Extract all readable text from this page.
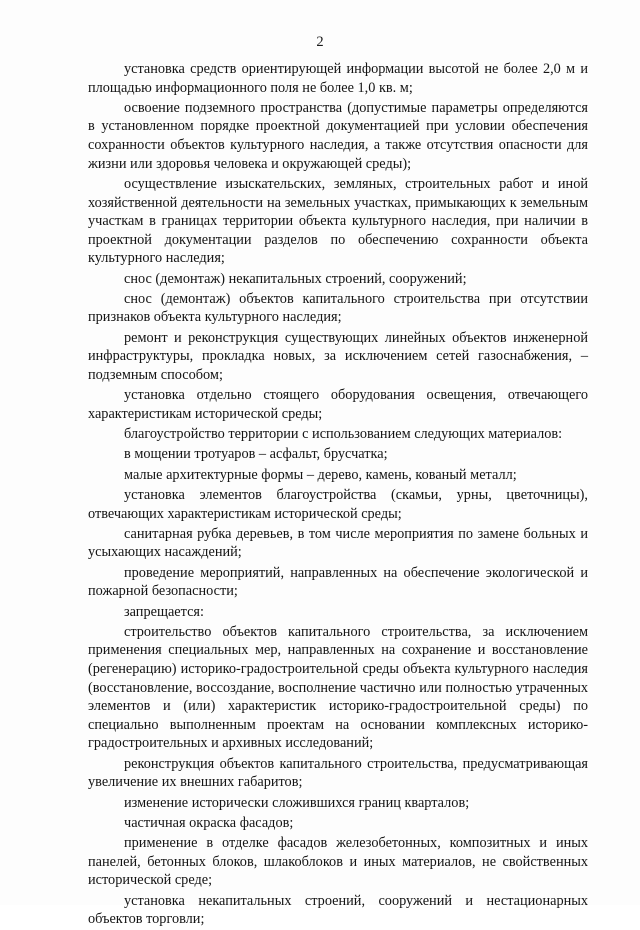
2

установка средств ориентирующей информации высотой не более 2,0 м и площадью информационного поля не более 1,0 кв. м;

освоение подземного пространства (допустимые параметры определяются в установленном порядке проектной документацией при условии обеспечения сохранности объектов культурного наследия, а также отсутствия опасности для жизни или здоровья человека и окружающей среды);

осуществление изыскательских, земляных, строительных работ и иной хозяйственной деятельности на земельных участках, примыкающих к земельным участкам в границах территории объекта культурного наследия, при наличии в проектной документации разделов по обеспечению сохранности объекта культурного наследия;

снос (демонтаж) некапитальных строений, сооружений;

снос (демонтаж) объектов капитального строительства при отсутствии признаков объекта культурного наследия;

ремонт и реконструкция существующих линейных объектов инженерной инфраструктуры, прокладка новых, за исключением сетей газоснабжения, – подземным способом;

установка отдельно стоящего оборудования освещения, отвечающего характеристикам исторической среды;

благоустройство территории с использованием следующих материалов:

в мощении тротуаров – асфальт, брусчатка;

малые архитектурные формы – дерево, камень, кованый металл;

установка элементов благоустройства (скамьи, урны, цветочницы), отвечающих характеристикам исторической среды;

санитарная рубка деревьев, в том числе мероприятия по замене больных и усыхающих насаждений;

проведение мероприятий, направленных на обеспечение экологической и пожарной безопасности;

запрещается:

строительство объектов капитального строительства, за исключением применения специальных мер, направленных на сохранение и восстановление (регенерацию) историко-градостроительной среды объекта культурного наследия (восстановление, воссоздание, восполнение частично или полностью утраченных элементов и (или) характеристик историко-градостроительной среды) по специально выполненным проектам на основании комплексных историко-градостроительных и архивных исследований;

реконструкция объектов капитального строительства, предусматривающая увеличение их внешних габаритов;

изменение исторически сложившихся границ кварталов;

частичная окраска фасадов;

применение в отделке фасадов железобетонных, композитных и иных панелей, бетонных блоков, шлакоблоков и иных материалов, не свойственных исторической среде;

установка некапитальных строений, сооружений и нестационарных объектов торговли;
